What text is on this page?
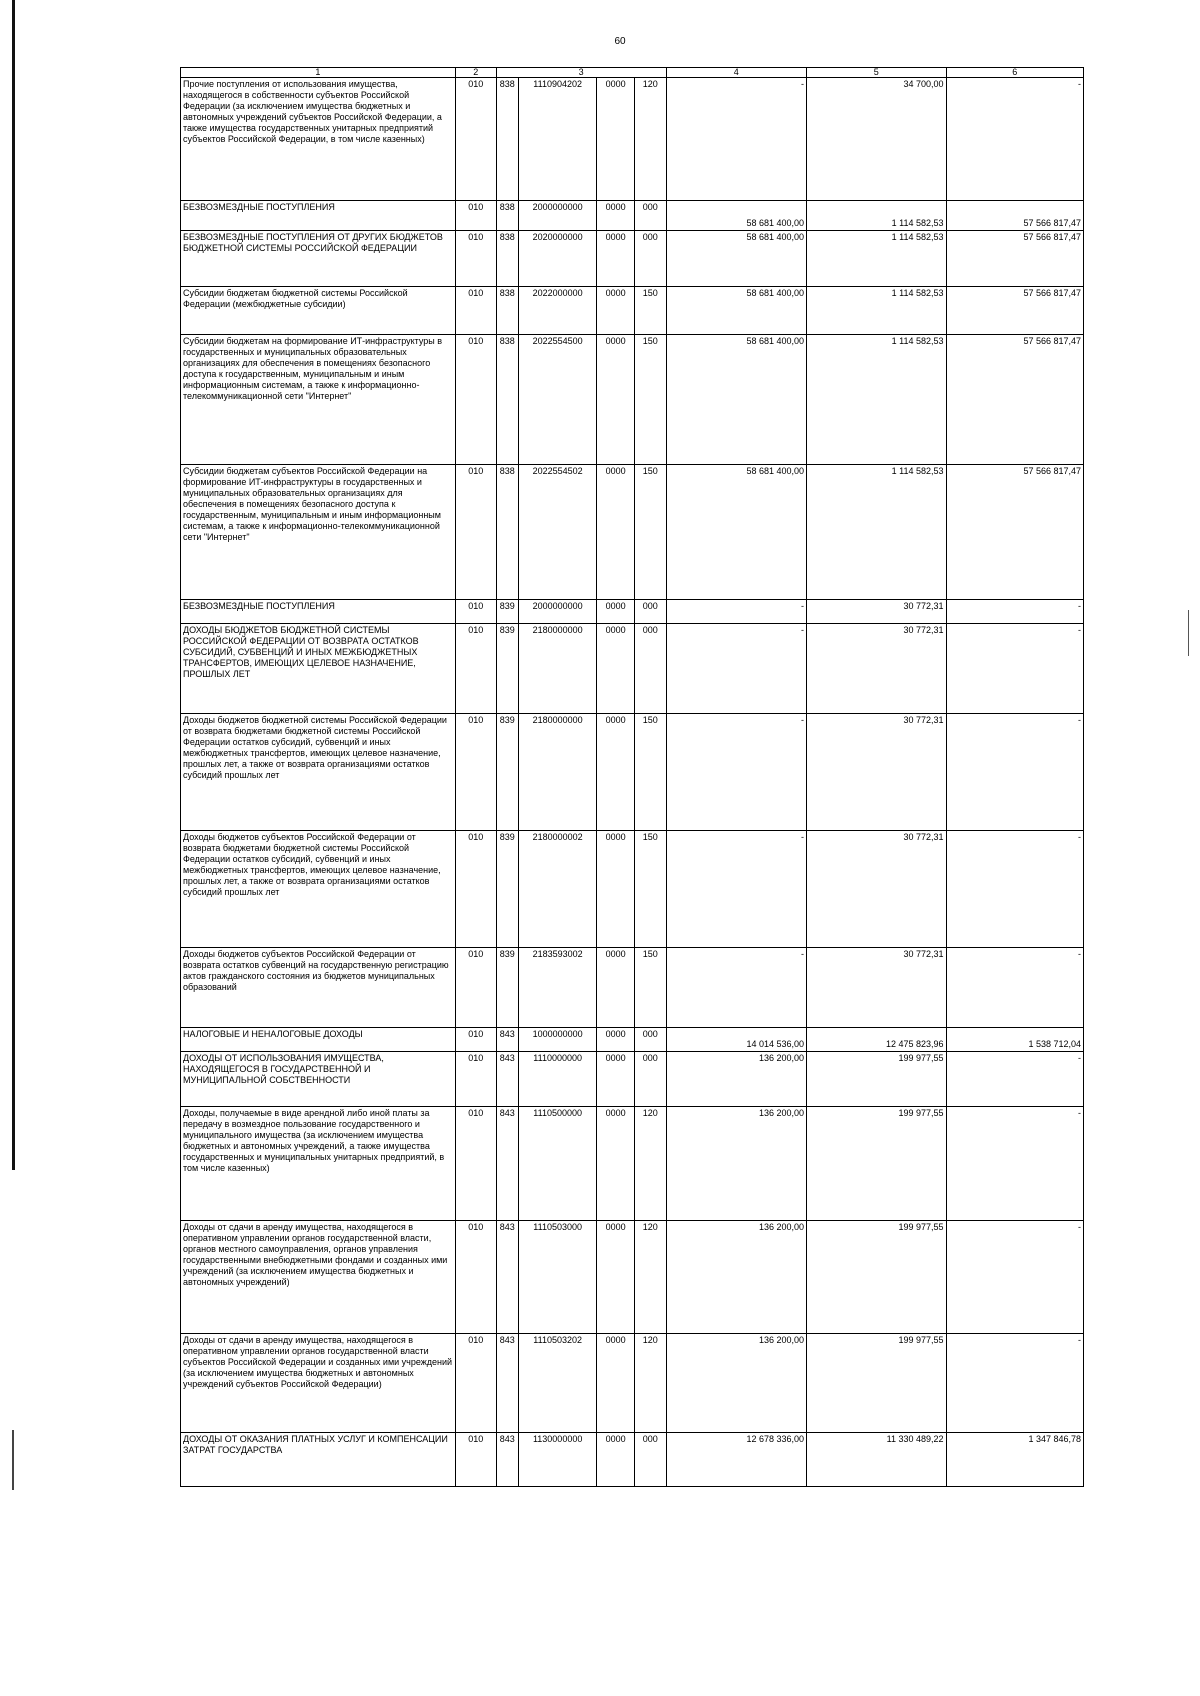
60
1	2	3				4	5	6
Прочие поступления от использования имущества, находящегося в собственности субъектов Российской Федерации (за исключением имущества бюджетных и автономных учреждений субъектов Российской Федерации, а также имущества государственных унитарных предприятий субъектов Российской Федерации, в том числе казенных)	010	838	1110904202	0000	120	-	34 700,00	-
БЕЗВОЗМЕЗДНЫЕ ПОСТУПЛЕНИЯ	010	838	2000000000	0000	000	58 681 400,00	1 114 582,53	57 566 817,47
БЕЗВОЗМЕЗДНЫЕ ПОСТУПЛЕНИЯ ОТ ДРУГИХ БЮДЖЕТОВ БЮДЖЕТНОЙ СИСТЕМЫ РОССИЙСКОЙ ФЕДЕРАЦИИ	010	838	2020000000	0000	000	58 681 400,00	1 114 582,53	57 566 817,47
Субсидии бюджетам бюджетной системы Российской Федерации (межбюджетные субсидии)	010	838	2022000000	0000	150	58 681 400,00	1 114 582,53	57 566 817,47
Субсидии бюджетам на формирование ИТ-инфраструктуры в государственных и муниципальных образовательных организациях для обеспечения в помещениях безопасного доступа к государственным, муниципальным и иным информационным системам, а также к информационно-телекоммуникационной сети "Интернет"	010	838	2022554500	0000	150	58 681 400,00	1 114 582,53	57 566 817,47
Субсидии бюджетам субъектов Российской Федерации на формирование ИТ-инфраструктуры в государственных и муниципальных образовательных организациях для обеспечения в помещениях безопасного доступа к государственным, муниципальным и иным информационным системам, а также к информационно-телекоммуникационной сети "Интернет"	010	838	2022554502	0000	150	58 681 400,00	1 114 582,53	57 566 817,47
БЕЗВОЗМЕЗДНЫЕ ПОСТУПЛЕНИЯ	010	839	2000000000	0000	000	-	30 772,31	-
ДОХОДЫ БЮДЖЕТОВ БЮДЖЕТНОЙ СИСТЕМЫ РОССИЙСКОЙ ФЕДЕРАЦИИ ОТ ВОЗВРАТА ОСТАТКОВ СУБСИДИЙ, СУБВЕНЦИЙ И ИНЫХ МЕЖБЮДЖЕТНЫХ ТРАНСФЕРТОВ, ИМЕЮЩИХ ЦЕЛЕВОЕ НАЗНАЧЕНИЕ, ПРОШЛЫХ ЛЕТ	010	839	2180000000	0000	000	-	30 772,31	-
Доходы бюджетов бюджетной системы Российской Федерации от возврата бюджетами бюджетной системы Российской Федерации остатков субсидий, субвенций и иных межбюджетных трансфертов, имеющих целевое назначение, прошлых лет, а также от возврата организациями остатков субсидий прошлых лет	010	839	2180000000	0000	150	-	30 772,31	-
Доходы бюджетов субъектов Российской Федерации от возврата бюджетами бюджетной системы Российской Федерации остатков субсидий, субвенций и иных межбюджетных трансфертов, имеющих целевое назначение, прошлых лет, а также от возврата организациями остатков субсидий прошлых лет	010	839	2180000002	0000	150	-	30 772,31	-
Доходы бюджетов субъектов Российской Федерации от возврата остатков субвенций на государственную регистрацию актов гражданского состояния из бюджетов муниципальных образований	010	839	2183593002	0000	150	-	30 772,31	-
НАЛОГОВЫЕ И НЕНАЛОГОВЫЕ ДОХОДЫ	010	843	1000000000	0000	000	14 014 536,00	12 475 823,96	1 538 712,04
ДОХОДЫ ОТ ИСПОЛЬЗОВАНИЯ ИМУЩЕСТВА, НАХОДЯЩЕГОСЯ В ГОСУДАРСТВЕННОЙ И МУНИЦИПАЛЬНОЙ СОБСТВЕННОСТИ	010	843	1110000000	0000	000	136 200,00	199 977,55	-
Доходы, получаемые в виде арендной либо иной платы за передачу в возмездное пользование государственного и муниципального имущества (за исключением имущества бюджетных и автономных учреждений, а также имущества государственных и муниципальных унитарных предприятий, в том числе казенных)	010	843	1110500000	0000	120	136 200,00	199 977,55	-
Доходы от сдачи в аренду имущества, находящегося в оперативном управлении органов государственной власти, органов местного самоуправления, органов управления государственными внебюджетными фондами и созданных ими учреждений (за исключением имущества бюджетных и автономных учреждений)	010	843	1110503000	0000	120	136 200,00	199 977,55	-
Доходы от сдачи в аренду имущества, находящегося в оперативном управлении органов государственной власти субъектов Российской Федерации и созданных ими учреждений (за исключением имущества бюджетных и автономных учреждений субъектов Российской Федерации)	010	843	1110503202	0000	120	136 200,00	199 977,55	-
ДОХОДЫ ОТ ОКАЗАНИЯ ПЛАТНЫХ УСЛУГ И КОМПЕНСАЦИИ ЗАТРАТ ГОСУДАРСТВА	010	843	1130000000	0000	000	12 678 336,00	11 330 489,22	1 347 846,78
